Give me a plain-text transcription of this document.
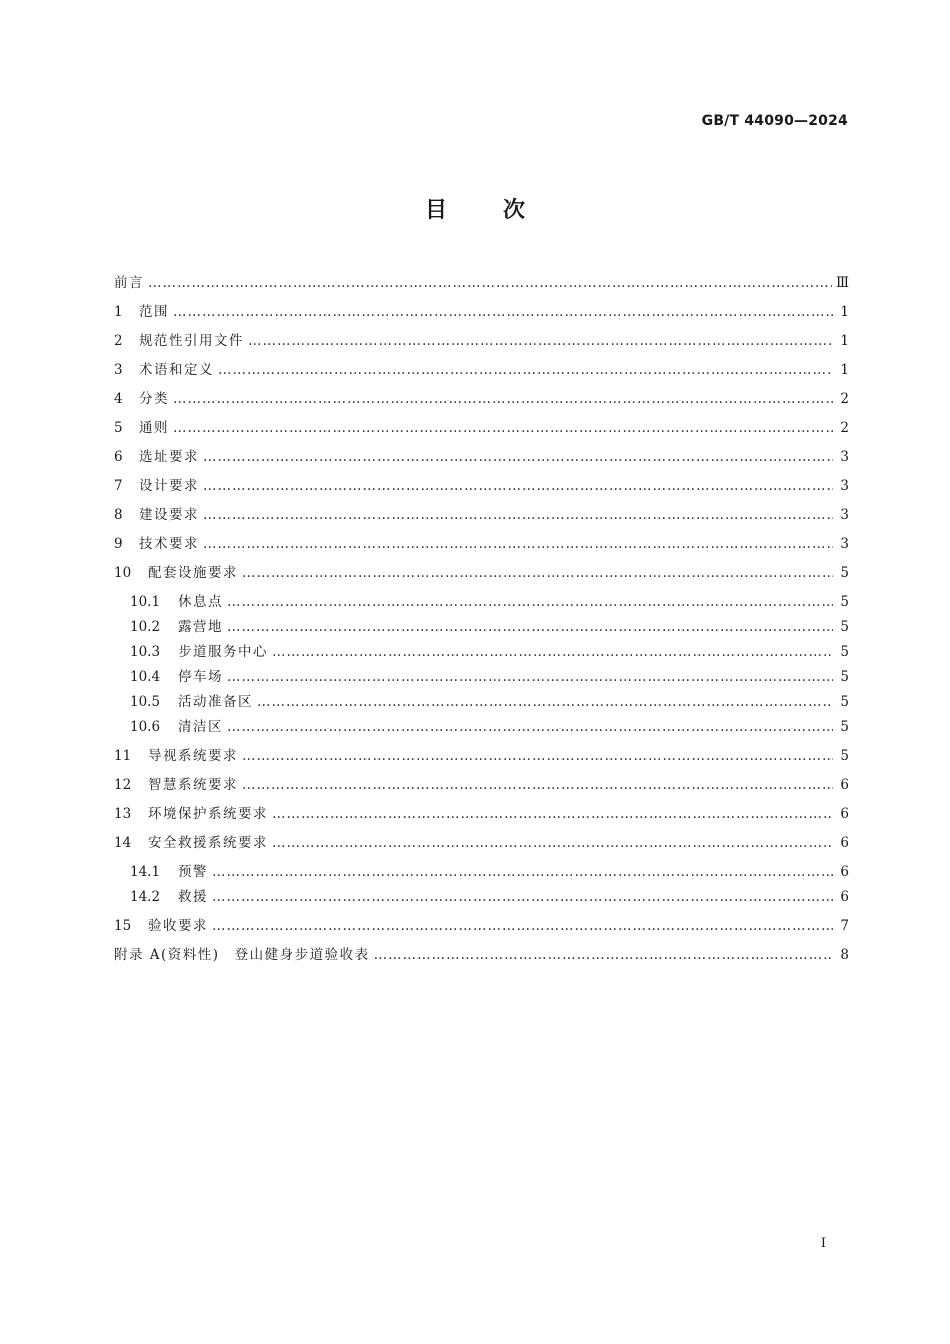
GB/T 44090—2024
目次
前言 ………………………………………………………………………………………………………………………………………………………………………………………………………………………………………………	Ⅲ
1	范围 ………………………………………………………………………………………………………………………………………………………………………………………………………………………………………………	1
2	规范性引用文件 ………………………………………………………………………………………………………………………………………………………………………………………………………………………………………………	1
3	术语和定义 ………………………………………………………………………………………………………………………………………………………………………………………………………………………………………………	1
4	分类 ………………………………………………………………………………………………………………………………………………………………………………………………………………………………………………	2
5	通则 ………………………………………………………………………………………………………………………………………………………………………………………………………………………………………………	2
6	选址要求 ………………………………………………………………………………………………………………………………………………………………………………………………………………………………………………	3
7	设计要求 ………………………………………………………………………………………………………………………………………………………………………………………………………………………………………………	3
8	建设要求 ………………………………………………………………………………………………………………………………………………………………………………………………………………………………………………	3
9	技术要求 ………………………………………………………………………………………………………………………………………………………………………………………………………………………………………………	3
10	配套设施要求 ………………………………………………………………………………………………………………………………………………………………………………………………………………………………………………	5
10.1	休息点 ………………………………………………………………………………………………………………………………………………………………………………………………………………………………………………	5
10.2	露营地 ………………………………………………………………………………………………………………………………………………………………………………………………………………………………………………	5
10.3	步道服务中心 ………………………………………………………………………………………………………………………………………………………………………………………………………………………………………………	5
10.4	停车场 ………………………………………………………………………………………………………………………………………………………………………………………………………………………………………………	5
10.5	活动准备区 ………………………………………………………………………………………………………………………………………………………………………………………………………………………………………………	5
10.6	清洁区 ………………………………………………………………………………………………………………………………………………………………………………………………………………………………………………	5
11	导视系统要求 ………………………………………………………………………………………………………………………………………………………………………………………………………………………………………………	5
12	智慧系统要求 ………………………………………………………………………………………………………………………………………………………………………………………………………………………………………………	6
13	环境保护系统要求 ………………………………………………………………………………………………………………………………………………………………………………………………………………………………………………	6
14	安全救援系统要求 ………………………………………………………………………………………………………………………………………………………………………………………………………………………………………………	6
14.1	预警 ………………………………………………………………………………………………………………………………………………………………………………………………………………………………………………	6
14.2	救援 ………………………………………………………………………………………………………………………………………………………………………………………………………………………………………………	6
15	验收要求 ………………………………………………………………………………………………………………………………………………………………………………………………………………………………………………	7
附录 A(资料性)　登山健身步道验收表 ………………………………………………………………………………………………………………………………………………………………………………………………………………………………………………	8
I
